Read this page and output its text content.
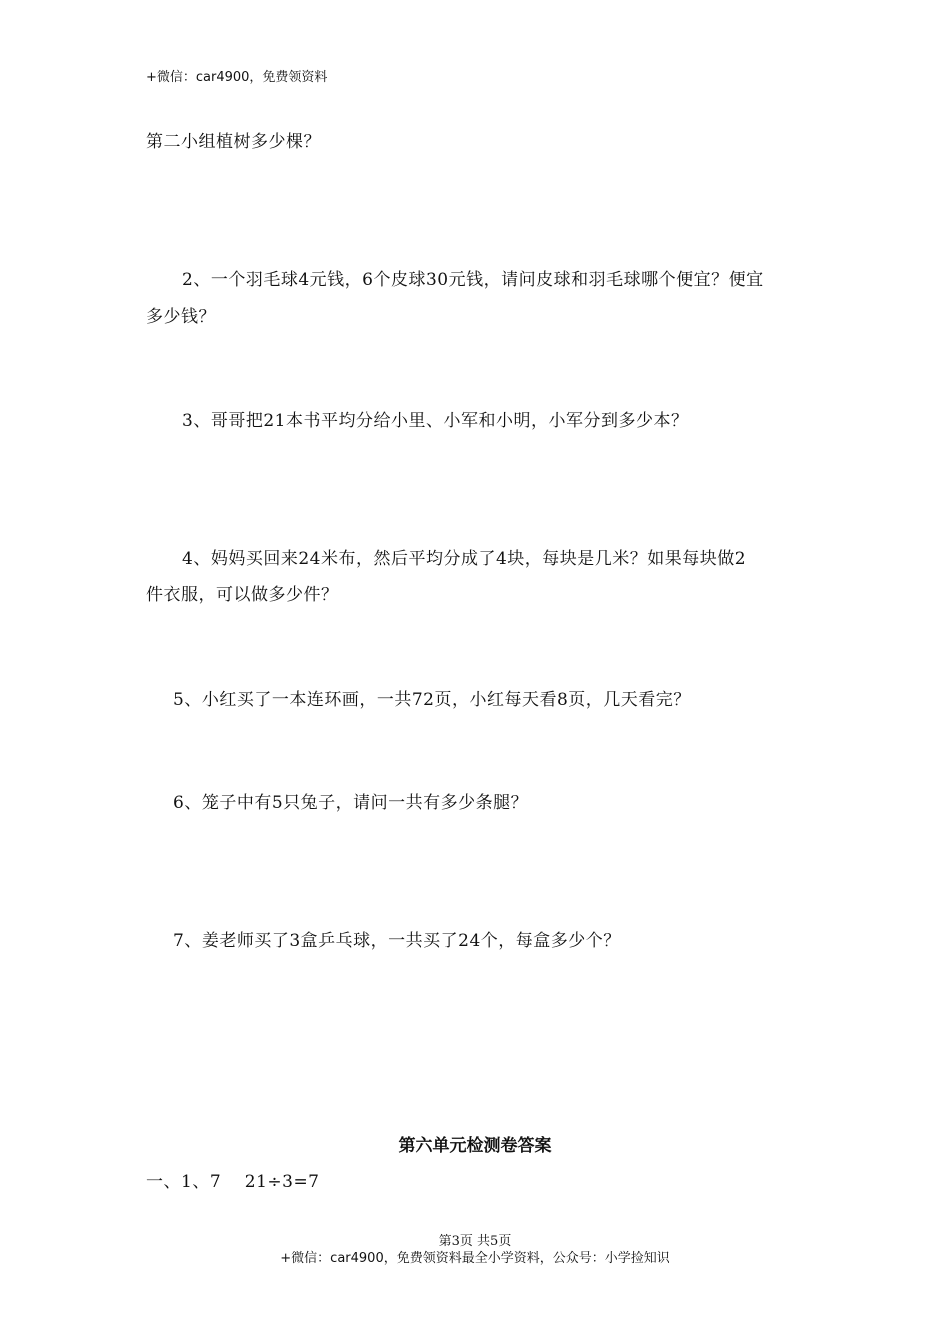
+微信：car4900，免费领资料
第二小组植树多少棵？
2、一个羽毛球4元钱，6个皮球30元钱，请问皮球和羽毛球哪个便宜？便宜
多少钱？
3、哥哥把21本书平均分给小里、小军和小明，小军分到多少本？
4、妈妈买回来24米布，然后平均分成了4块，每块是几米？如果每块做2
件衣服，可以做多少件？
5、小红买了一本连环画，一共72页，小红每天看8页，几天看完？
6、笼子中有5只兔子，请问一共有多少条腿？
7、姜老师买了3盒乒乓球，一共买了24个，每盒多少个？
第六单元检测卷答案
一、1、7    21÷3=7
第3页 共5页
+微信：car4900，免费领资料最全小学资料，公众号：小学捡知识
